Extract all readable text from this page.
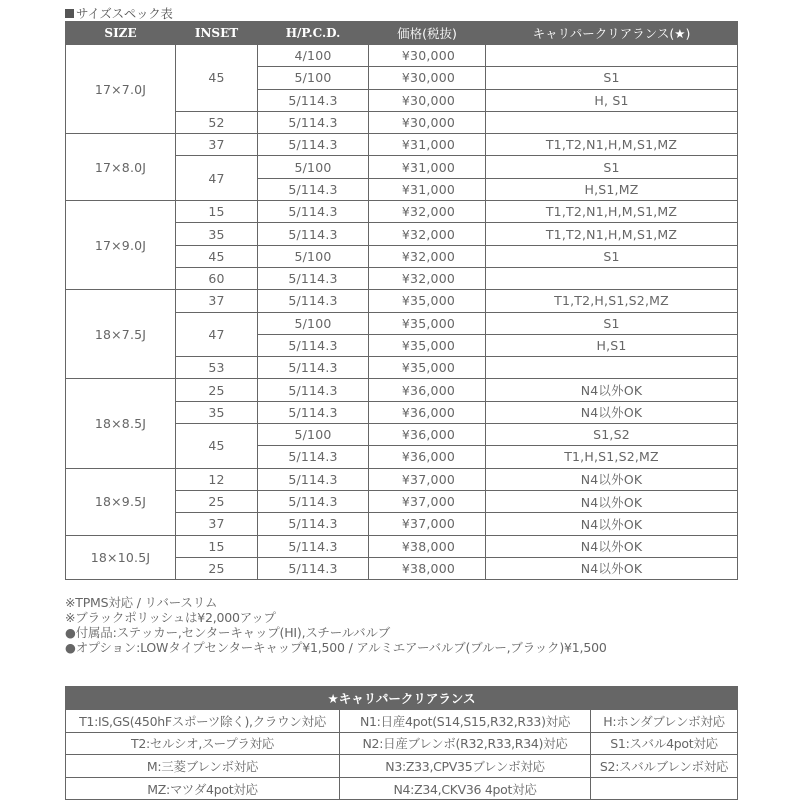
サイズスペック表
SIZE	INSET	H/P.C.D.	価格(税抜)	キャリパークリアランス(★)
17×7.0J	45	4/100	¥30,000	
		5/100	¥30,000	S1
		5/114.3	¥30,000	H, S1
	52	5/114.3	¥30,000	
17×8.0J	37	5/114.3	¥31,000	T1,T2,N1,H,M,S1,MZ
	47	5/100	¥31,000	S1
		5/114.3	¥31,000	H,S1,MZ
17×9.0J	15	5/114.3	¥32,000	T1,T2,N1,H,M,S1,MZ
	35	5/114.3	¥32,000	T1,T2,N1,H,M,S1,MZ
	45	5/100	¥32,000	S1
	60	5/114.3	¥32,000	
18×7.5J	37	5/114.3	¥35,000	T1,T2,H,S1,S2,MZ
	47	5/100	¥35,000	S1
		5/114.3	¥35,000	H,S1
	53	5/114.3	¥35,000	
18×8.5J	25	5/114.3	¥36,000	N4以外OK
	35	5/114.3	¥36,000	N4以外OK
	45	5/100	¥36,000	S1,S2
		5/114.3	¥36,000	T1,H,S1,S2,MZ
18×9.5J	12	5/114.3	¥37,000	N4以外OK
	25	5/114.3	¥37,000	N4以外OK
	37	5/114.3	¥37,000	N4以外OK
18×10.5J	15	5/114.3	¥38,000	N4以外OK
	25	5/114.3	¥38,000	N4以外OK
※TPMS対応 / リバースリム
※ブラックポリッシュは¥2,000アップ
●付属品:ステッカー,センターキャップ(HI),スチールバルブ
●オプション:LOWタイプセンターキャップ¥1,500 / アルミエアーバルブ(ブルー,ブラック)¥1,500
★キャリパークリアランス		
T1:IS,GS(450hFスポーツ除く),クラウン対応	N1:日産4pot(S14,S15,R32,R33)対応	H:ホンダブレンボ対応
T2:セルシオ,スープラ対応	N2:日産ブレンボ(R32,R33,R34)対応	S1:スバル4pot対応
M:三菱ブレンボ対応	N3:Z33,CPV35ブレンボ対応	S2:スバルブレンボ対応
MZ:マツダ4pot対応	N4:Z34,CKV36 4pot対応	
